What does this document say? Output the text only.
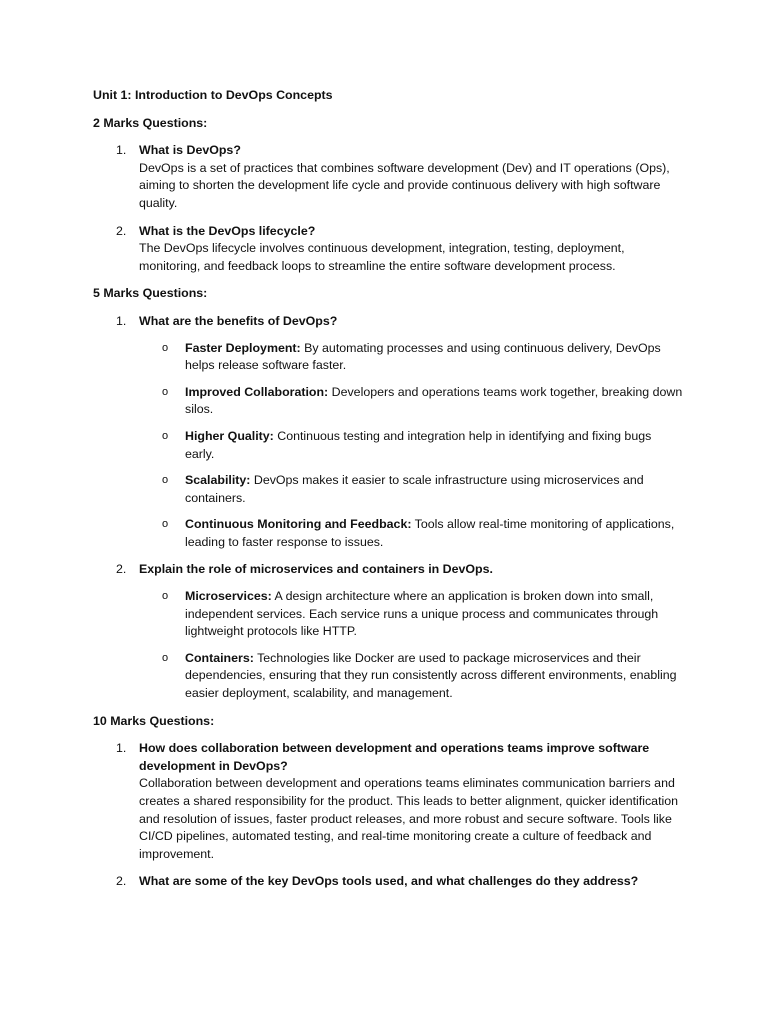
Unit 1: Introduction to DevOps Concepts

2 Marks Questions:

1. What is DevOps?

DevOps is a set of practices that combines software development (Dev) and IT operations (Ops), aiming to shorten the development life cycle and provide continuous delivery with high software quality.

2. What is the DevOps lifecycle?

The DevOps lifecycle involves continuous development, integration, testing, deployment, monitoring, and feedback loops to streamline the entire software development process.

5 Marks Questions:

1. What are the benefits of DevOps?

o Faster Deployment: By automating processes and using continuous delivery, DevOps helps release software faster.

o Improved Collaboration: Developers and operations teams work together, breaking down silos.

o Higher Quality: Continuous testing and integration help in identifying and fixing bugs early.

o Scalability: DevOps makes it easier to scale infrastructure using microservices and containers.

o Continuous Monitoring and Feedback: Tools allow real-time monitoring of applications, leading to faster response to issues.

2. Explain the role of microservices and containers in DevOps.

o Microservices: A design architecture where an application is broken down into small, independent services. Each service runs a unique process and communicates through lightweight protocols like HTTP.

o Containers: Technologies like Docker are used to package microservices and their dependencies, ensuring that they run consistently across different environments, enabling easier deployment, scalability, and management.

10 Marks Questions:

1. How does collaboration between development and operations teams improve software development in DevOps?

Collaboration between development and operations teams eliminates communication barriers and creates a shared responsibility for the product. This leads to better alignment, quicker identification and resolution of issues, faster product releases, and more robust and secure software. Tools like CI/CD pipelines, automated testing, and real-time monitoring create a culture of feedback and improvement.

2. What are some of the key DevOps tools used, and what challenges do they address?
